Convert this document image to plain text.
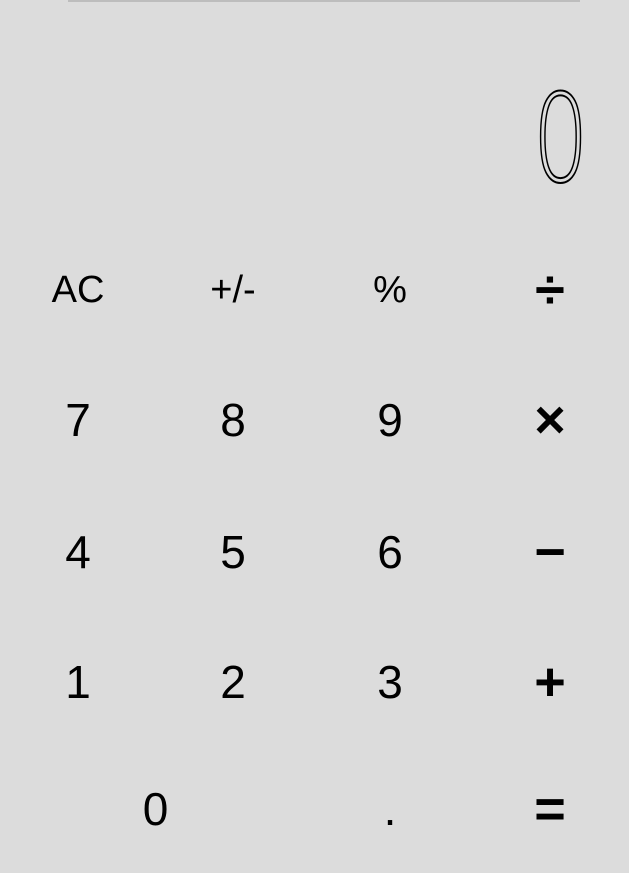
0
AC	+/-	%	÷
7	8	9	×
4	5	6	−
1	2	3	+
0	.	=
